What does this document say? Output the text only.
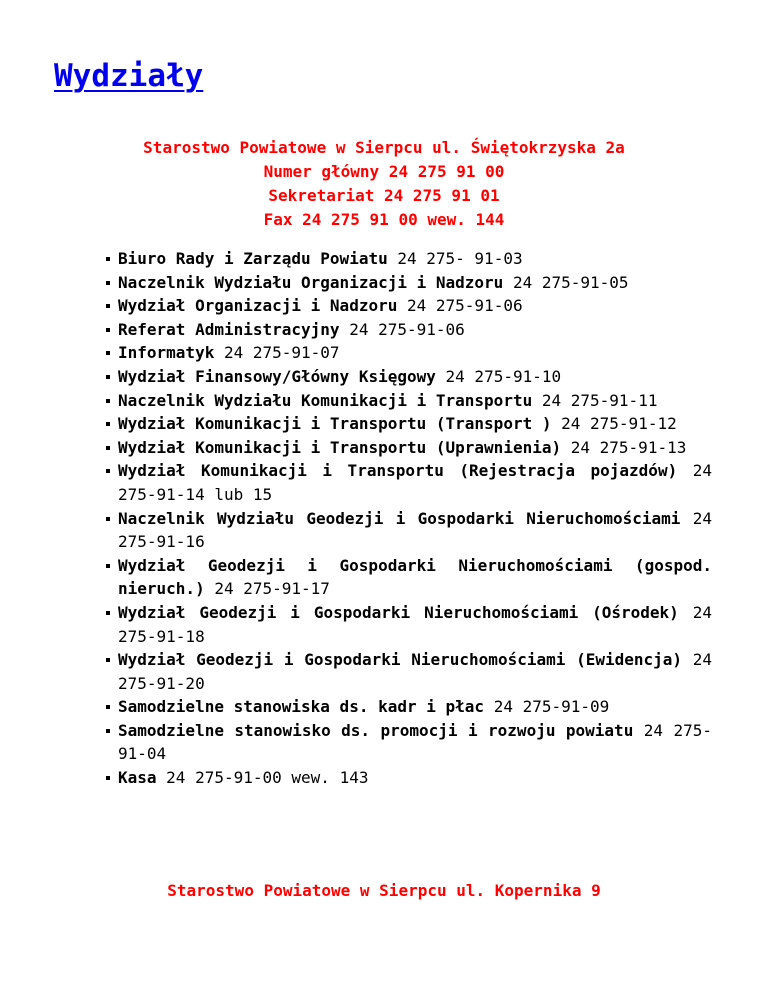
Wydziały
Starostwo Powiatowe w Sierpcu ul. Świętokrzyska 2a
Numer główny 24 275 91 00
Sekretariat 24 275 91 01
Fax 24 275 91 00 wew. 144
Biuro Rady i Zarządu Powiatu 24 275- 91-03
Naczelnik Wydziału Organizacji i Nadzoru 24 275-91-05
Wydział Organizacji i Nadzoru 24 275-91-06
Referat Administracyjny 24 275-91-06
Informatyk 24 275-91-07
Wydział Finansowy/Główny Księgowy 24 275-91-10
Naczelnik Wydziału Komunikacji i Transportu 24 275-91-11
Wydział Komunikacji i Transportu (Transport ) 24 275-91-12
Wydział Komunikacji i Transportu (Uprawnienia) 24 275-91-13
Wydział Komunikacji i Transportu (Rejestracja pojazdów) 24 275-91-14 lub 15
Naczelnik Wydziału Geodezji i Gospodarki Nieruchomościami 24 275-91-16
Wydział Geodezji i Gospodarki Nieruchomościami (gospod. nieruch.) 24 275-91-17
Wydział Geodezji i Gospodarki Nieruchomościami (Ośrodek) 24 275-91-18
Wydział Geodezji i Gospodarki Nieruchomościami (Ewidencja) 24 275-91-20
Samodzielne stanowiska ds. kadr i płac 24 275-91-09
Samodzielne stanowisko ds. promocji i rozwoju powiatu 24 275-91-04
Kasa 24 275-91-00 wew. 143
Starostwo Powiatowe w Sierpcu ul. Kopernika 9
